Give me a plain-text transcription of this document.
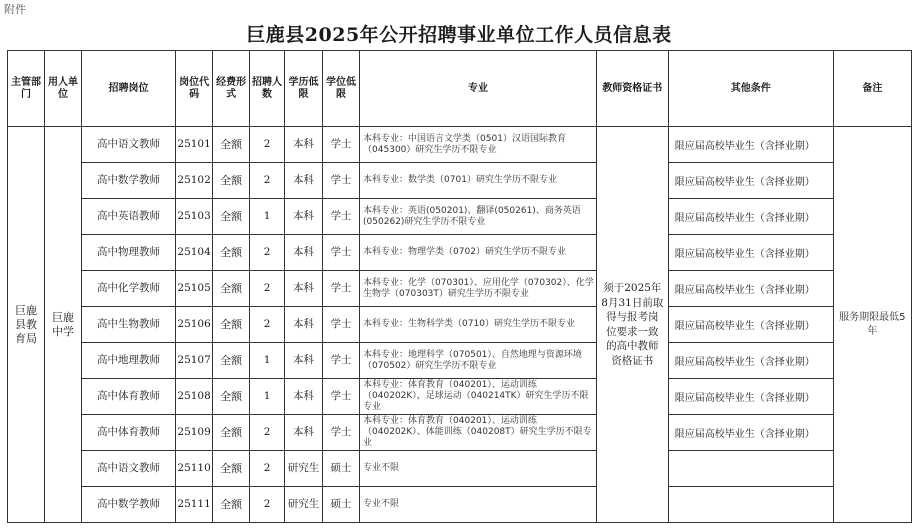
附件
巨鹿县2025年公开招聘事业单位工作人员信息表
主管部门	用人单位	招聘岗位	岗位代码	经费形式	招聘人数	学历低限	学位低限	专业	教师资格证书	其他条件	备注
巨鹿县教育局	巨鹿中学	高中语文教师	25101	全额	2	本科	学士	本科专业：中国语言文学类（0501）汉语国际教育（045300）研究生学历不限专业	须于2025年8月31日前取得与报考岗位要求一致的高中教师资格证书	限应届高校毕业生（含择业期）	服务期限最低5年
		高中数学教师	25102	全额	2	本科	学士	本科专业：数学类（0701）研究生学历不限专业		限应届高校毕业生（含择业期）	

		高中英语教师	25103	全额	1	本科	学士	本科专业：英语(050201)、翻译(050261)、商务英语(050262)研究生学历不限专业		限应届高校毕业生（含择业期）	

		高中物理教师	25104	全额	2	本科	学士	本科专业：物理学类（0702）研究生学历不限专业		限应届高校毕业生（含择业期）	

		高中化学教师	25105	全额	2	本科	学士	本科专业：化学（070301）、应用化学（070302）、化学生物学（070303T）研究生学历不限专业		限应届高校毕业生（含择业期）	

		高中生物教师	25106	全额	2	本科	学士	本科专业：生物科学类（0710）研究生学历不限专业		限应届高校毕业生（含择业期）	

		高中地理教师	25107	全额	1	本科	学士	本科专业：地理科学（070501）、自然地理与资源环境（070502）研究生学历不限专业		限应届高校毕业生（含择业期）	

		高中体育教师	25108	全额	1	本科	学士	本科专业：体育教育（040201）、运动训练（040202K），足球运动（040214TK）研究生学历不限专业		限应届高校毕业生（含择业期）	

		高中体育教师	25109	全额	2	本科	学士	本科专业：体育教育（040201）、运动训练（040202K）、体能训练（040208T）研究生学历不限专业		限应届高校毕业生（含择业期）	

		高中语文教师	25110	全额	2	研究生	硕士	专业不限			

		高中数学教师	25111	全额	2	研究生	硕士	专业不限			
